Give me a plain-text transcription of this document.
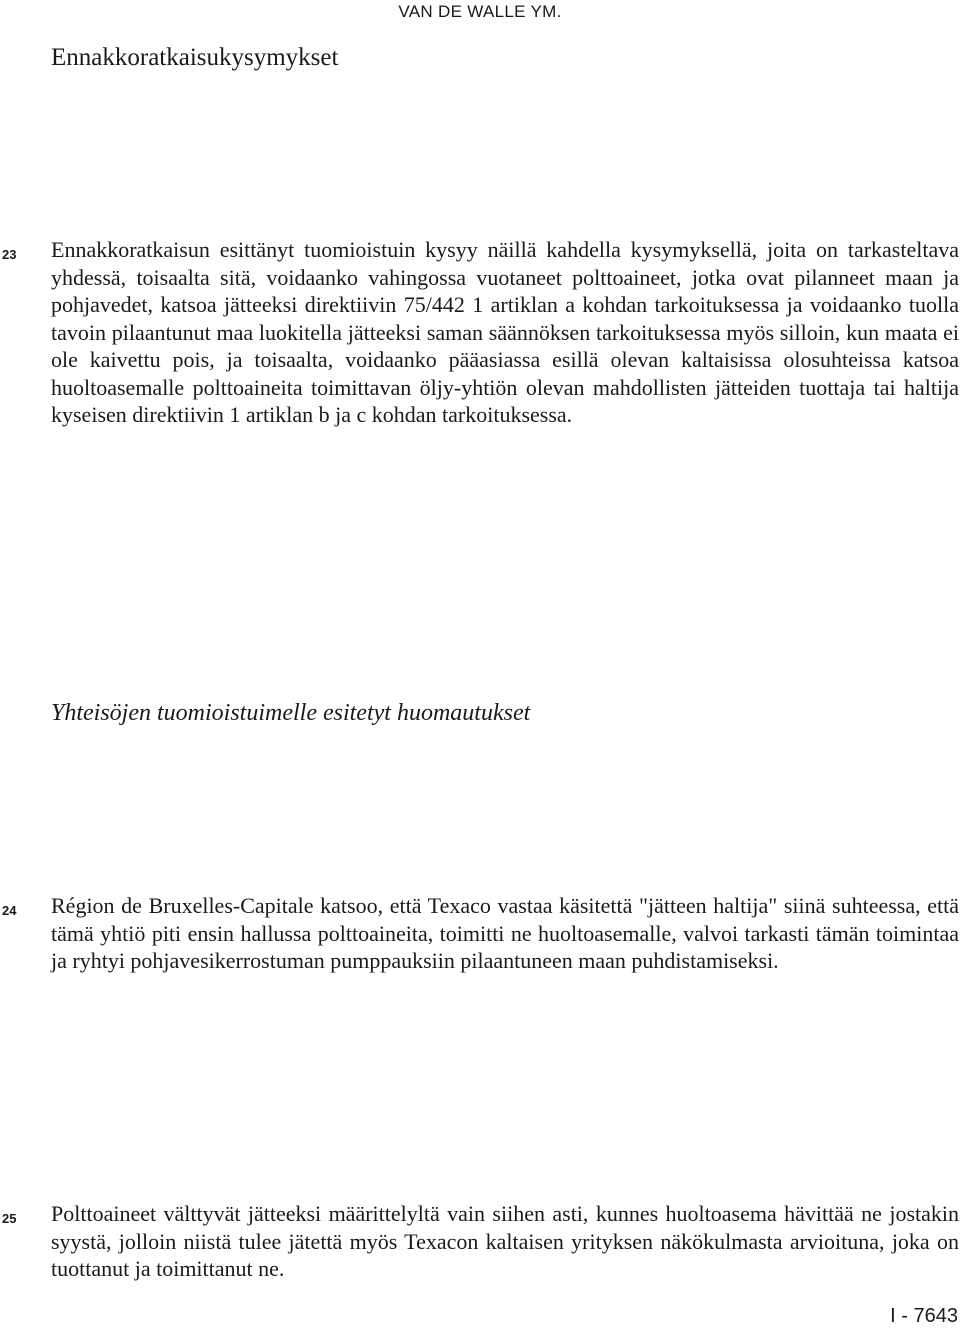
VAN DE WALLE YM.
Ennakkoratkaisukysymykset
23 Ennakkoratkaisun esittänyt tuomioistuin kysyy näillä kahdella kysymyksellä, joita on tarkasteltava yhdessä, toisaalta sitä, voidaanko vahingossa vuotaneet polttoaineet, jotka ovat pilanneet maan ja pohjavedet, katsoa jätteeksi direktiivin 75/442 1 artiklan a kohdan tarkoituksessa ja voidaanko tuolla tavoin pilaantunut maa luokitella jätteeksi saman säännöksen tarkoituksessa myös silloin, kun maata ei ole kaivettu pois, ja toisaalta, voidaanko pääasiassa esillä olevan kaltaisissa olosuhteissa katsoa huoltoasemalle polttoaineita toimittavan öljy-yhtiön olevan mahdollisten jätteiden tuottaja tai haltija kyseisen direktiivin 1 artiklan b ja c kohdan tarkoituksessa.
Yhteisöjen tuomioistuimelle esitetyt huomautukset
24 Région de Bruxelles-Capitale katsoo, että Texaco vastaa käsitettä "jätteen haltija" siinä suhteessa, että tämä yhtiö piti ensin hallussa polttoaineita, toimitti ne huoltoasemalle, valvoi tarkasti tämän toimintaa ja ryhtyi pohjavesikerrostuman pumppauksiin pilaantuneen maan puhdistamiseksi.
25 Polttoaineet välttyvät jätteeksi määrittelyltä vain siihen asti, kunnes huoltoasema hävittää ne jostakin syystä, jolloin niistä tulee jätettä myös Texacon kaltaisen yrityksen näkökulmasta arvioituna, joka on tuottanut ja toimittanut ne.
I - 7643
